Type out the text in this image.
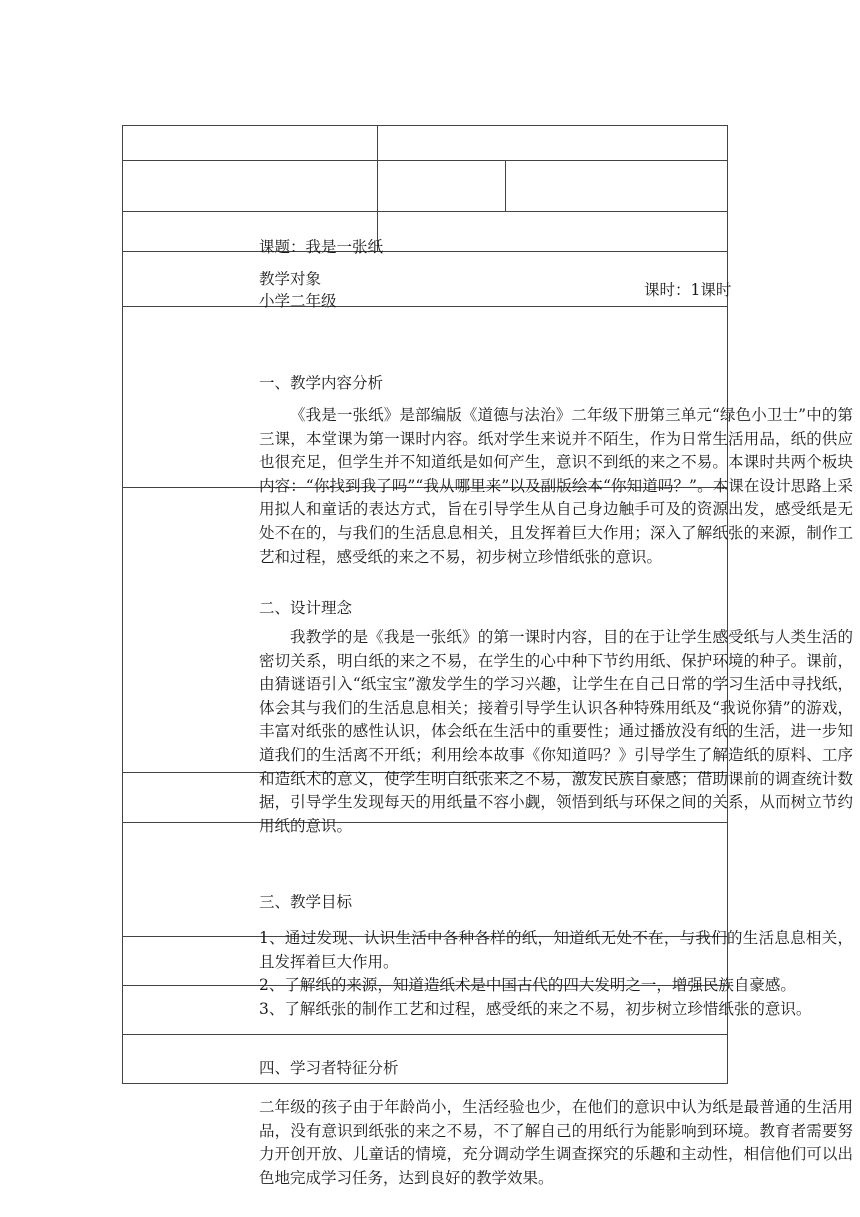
课题：我是一张纸
教学对象
小学二年级
课时：1课时
一、教学内容分析
《我是一张纸》是部编版《道德与法治》二年级下册第三单元“绿色小卫士”中的第三课，本堂课为第一课时内容。纸对学生来说并不陌生，作为日常生活用品，纸的供应也很充足，但学生并不知道纸是如何产生，意识不到纸的来之不易。本课时共两个板块内容：“你找到我了吗”“我从哪里来”以及副版绘本“你知道吗？”。本课在设计思路上采用拟人和童话的表达方式，旨在引导学生从自己身边触手可及的资源出发，感受纸是无处不在的，与我们的生活息息相关，且发挥着巨大作用；深入了解纸张的来源，制作工艺和过程，感受纸的来之不易，初步树立珍惜纸张的意识。
二、设计理念
我教学的是《我是一张纸》的第一课时内容，目的在于让学生感受纸与人类生活的密切关系，明白纸的来之不易，在学生的心中种下节约用纸、保护环境的种子。课前，由猜谜语引入“纸宝宝”激发学生的学习兴趣，让学生在自己日常的学习生活中寻找纸，体会其与我们的生活息息相关；接着引导学生认识各种特殊用纸及“我说你猜”的游戏，丰富对纸张的感性认识，体会纸在生活中的重要性；通过播放没有纸的生活，进一步知道我们的生活离不开纸；利用绘本故事《你知道吗？》引导学生了解造纸的原料、工序和造纸术的意义，使学生明白纸张来之不易，激发民族自豪感；借助课前的调查统计数据，引导学生发现每天的用纸量不容小觑，领悟到纸与环保之间的关系，从而树立节约用纸的意识。
三、教学目标
1、通过发现、认识生活中各种各样的纸，知道纸无处不在，与我们的生活息息相关，且发挥着巨大作用。
2、了解纸的来源，知道造纸术是中国古代的四大发明之一，增强民族自豪感。
3、了解纸张的制作工艺和过程，感受纸的来之不易，初步树立珍惜纸张的意识。
四、学习者特征分析
二年级的孩子由于年龄尚小，生活经验也少，在他们的意识中认为纸是最普通的生活用品，没有意识到纸张的来之不易，不了解自己的用纸行为能影响到环境。教育者需要努力开创开放、儿童话的情境，充分调动学生调查探究的乐趣和主动性，相信他们可以出色地完成学习任务，达到良好的教学效果。
